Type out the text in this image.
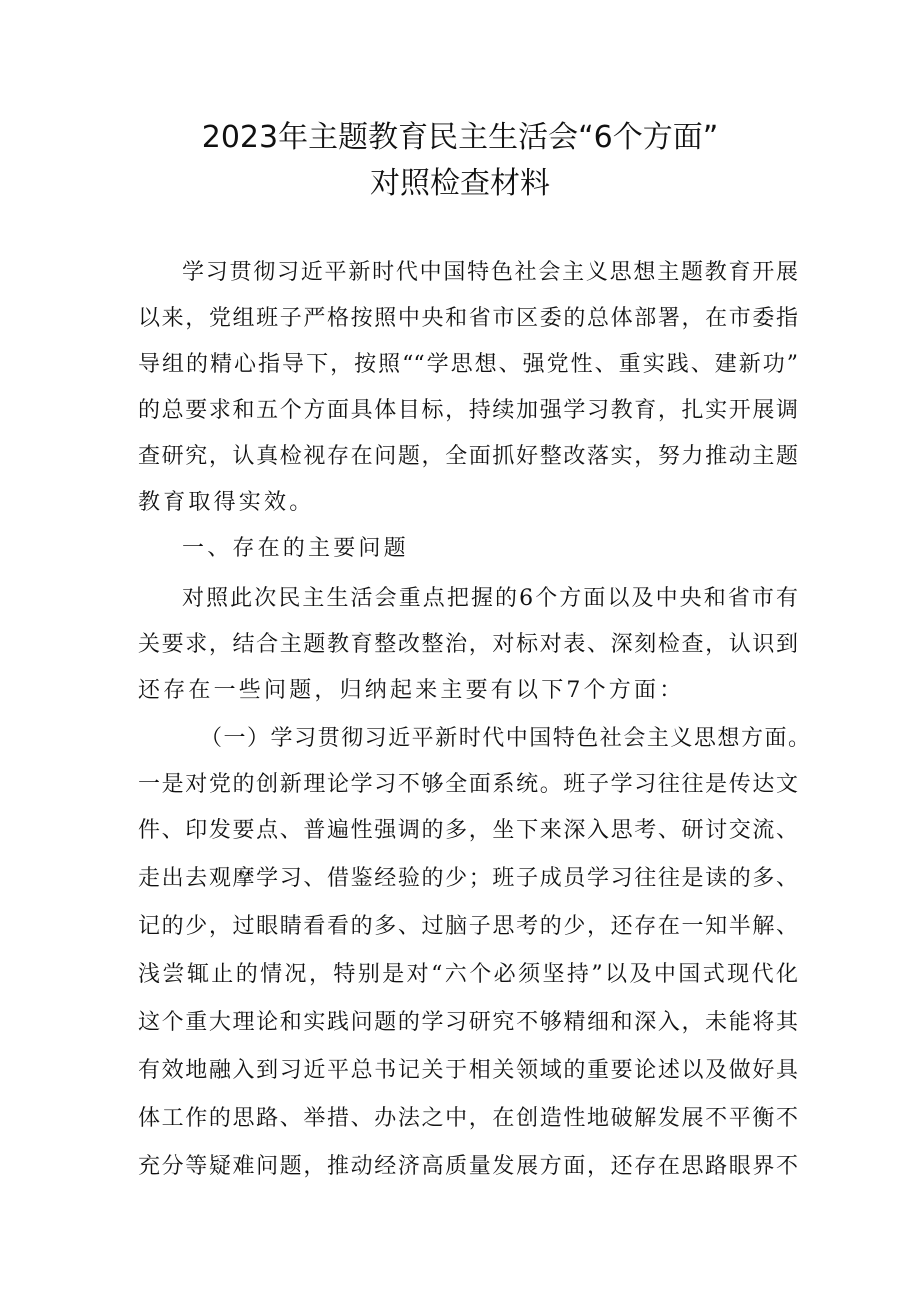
2023年主题教育民主生活会“6个方面”
对照检查材料
学习贯彻习近平新时代中国特色社会主义思想主题教育开展
以来，党组班子严格按照中央和省市区委的总体部署，在市委指
导组的精心指导下，按照““学思想、强党性、重实践、建新功”
的总要求和五个方面具体目标，持续加强学习教育，扎实开展调
查研究，认真检视存在问题，全面抓好整改落实，努力推动主题
教育取得实效。
一、存在的主要问题
对照此次民主生活会重点把握的6个方面以及中央和省市有
关要求，结合主题教育整改整治，对标对表、深刻检查，认识到
还存在一些问题，归纳起来主要有以下7个方面：
（一）学习贯彻习近平新时代中国特色社会主义思想方面。
一是对党的创新理论学习不够全面系统。班子学习往往是传达文
件、印发要点、普遍性强调的多，坐下来深入思考、研讨交流、
走出去观摩学习、借鉴经验的少；班子成员学习往往是读的多、
记的少，过眼睛看看的多、过脑子思考的少，还存在一知半解、
浅尝辄止的情况，特别是对“六个必须坚持”以及中国式现代化
这个重大理论和实践问题的学习研究不够精细和深入，未能将其
有效地融入到习近平总书记关于相关领域的重要论述以及做好具
体工作的思路、举措、办法之中，在创造性地破解发展不平衡不
充分等疑难问题，推动经济高质量发展方面，还存在思路眼界不
